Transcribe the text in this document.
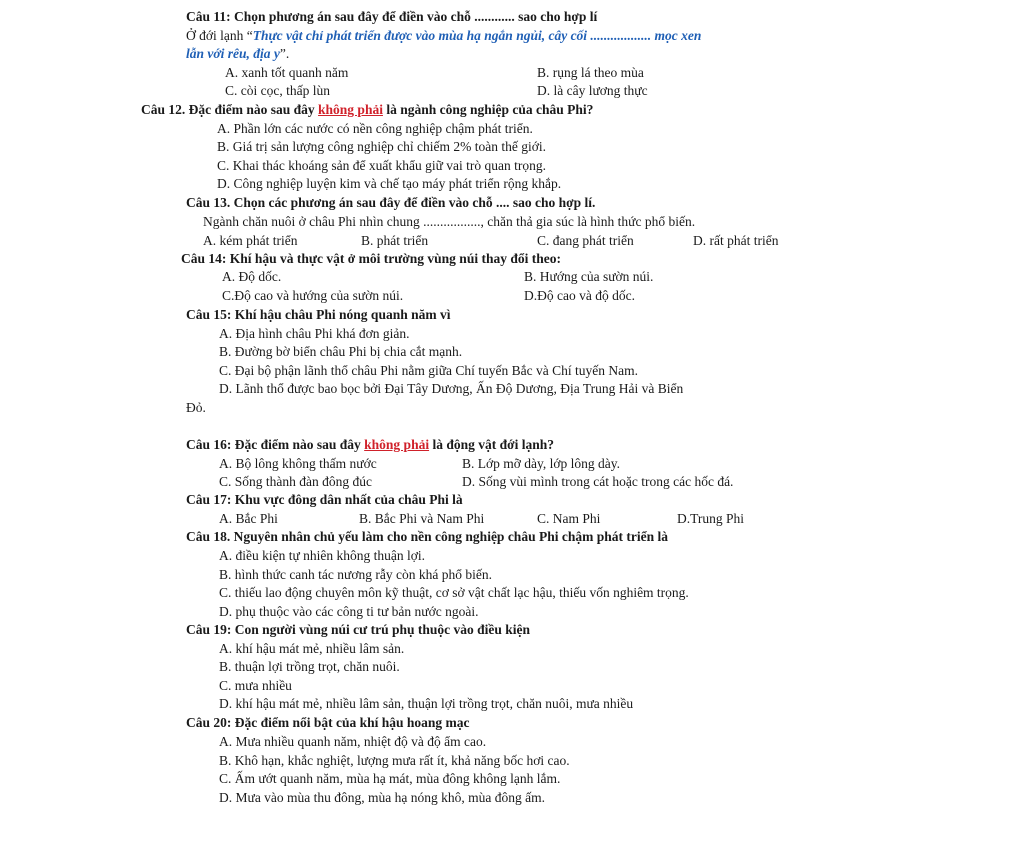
Câu 11: Chọn phương án sau đây để điền vào chỗ ............ sao cho hợp lí
Ở đới lạnh “Thực vật chỉ phát triển được vào mùa hạ ngắn ngủi, cây cối .................. mọc xen
lẫn với rêu, địa y”.
A. xanh tốt quanh năm	B. rụng lá theo mùa
C. còi cọc, thấp lùn	D. là cây lương thực
Câu 12. Đặc điểm nào sau đây không phải là ngành công nghiệp của châu Phi?
A. Phần lớn các nước có nền công nghiệp chậm phát triển.
B. Giá trị sản lượng công nghiệp chỉ chiếm 2% toàn thế giới.
C. Khai thác khoáng sản để xuất khẩu giữ vai trò quan trọng.
D. Công nghiệp luyện kim và chế tạo máy phát triển rộng khắp.
Câu 13. Chọn các phương án sau đây để điền vào chỗ .... sao cho hợp lí.
Ngành chăn nuôi ở châu Phi nhìn chung ................., chăn thả gia súc là hình thức phổ biến.
A. kém phát triển	B. phát triển	C. đang phát triển	D. rất phát triển
Câu 14: Khí hậu và thực vật ở môi trường vùng núi thay đổi theo:
A. Độ dốc.	B. Hướng của sườn núi.
C.Độ cao và hướng của sườn núi.	D.Độ cao và độ dốc.
Câu 15: Khí hậu châu Phi nóng quanh năm vì
A. Địa hình châu Phi khá đơn giản.
B. Đường bờ biển châu Phi bị chia cắt mạnh.
C. Đại bộ phận lãnh thổ châu Phi nằm giữa Chí tuyến Bắc và Chí tuyến Nam.
D. Lãnh thổ được bao bọc bởi Đại Tây Dương, Ấn Độ Dương, Địa Trung Hải và Biển
Đỏ.
Câu 16: Đặc điểm nào sau đây không phải là động vật đới lạnh?
A. Bộ lông không thấm nước	B. Lớp mỡ dày, lớp lông dày.
C. Sống thành đàn đông đúc	D. Sống vùi mình trong cát hoặc trong các hốc đá.
Câu 17: Khu vực đông dân nhất của châu Phi là
A. Bắc Phi	B. Bắc Phi và Nam Phi	C. Nam Phi	D.Trung Phi
Câu 18. Nguyên nhân chủ yếu làm cho nền công nghiệp châu Phi chậm phát triển là
A. điều kiện tự nhiên không thuận lợi.
B. hình thức canh tác nương rẫy còn khá phổ biến.
C. thiếu lao động chuyên môn kỹ thuật, cơ sở vật chất lạc hậu, thiếu vốn nghiêm trọng.
D. phụ thuộc vào các công ti tư bản nước ngoài.
Câu 19: Con người vùng núi cư trú phụ thuộc vào điều kiện
A. khí hậu mát mẻ, nhiều lâm sản.
B. thuận lợi trồng trọt, chăn nuôi.
C. mưa nhiều
D. khí hậu mát mẻ, nhiều lâm sản, thuận lợi trồng trọt, chăn nuôi, mưa nhiều
Câu 20: Đặc điểm nổi bật của khí hậu hoang mạc
A. Mưa nhiều quanh năm, nhiệt độ và độ ẩm cao.
B. Khô hạn, khắc nghiệt, lượng mưa rất ít, khả năng bốc hơi cao.
C. Ấm ướt quanh năm, mùa hạ mát, mùa đông không lạnh lắm.
D. Mưa vào mùa thu đông, mùa hạ nóng khô, mùa đông ấm.
